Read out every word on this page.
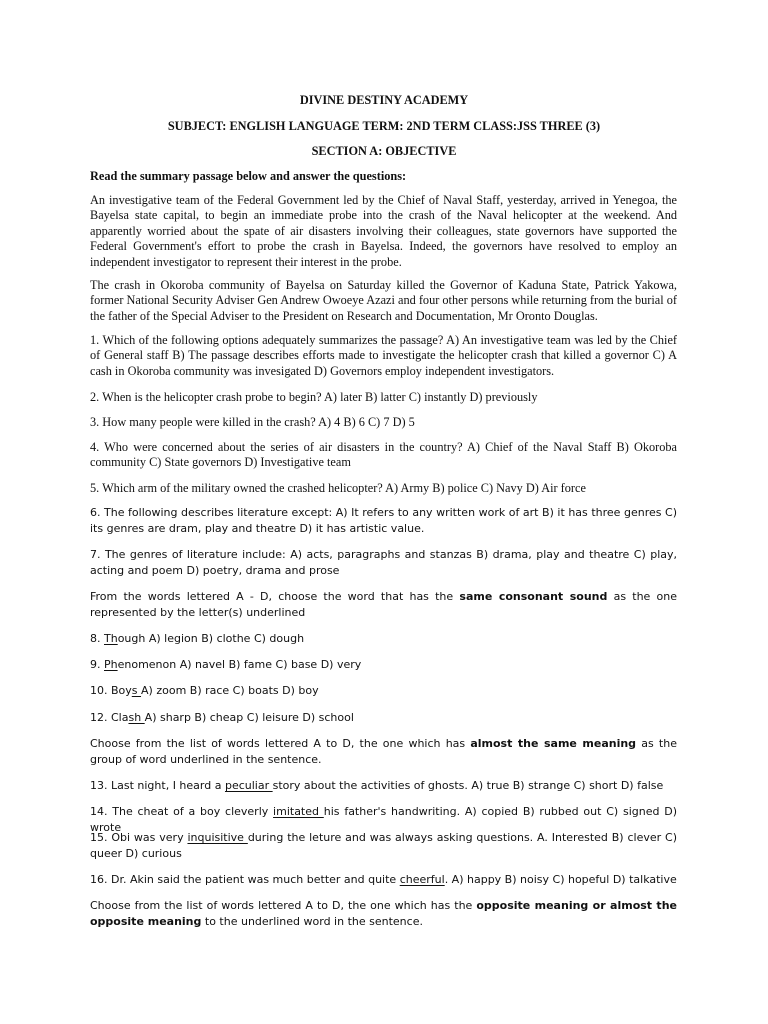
DIVINE DESTINY ACADEMY
SUBJECT: ENGLISH LANGUAGE TERM: 2ND TERM CLASS:JSS THREE (3)
SECTION A: OBJECTIVE

Read the summary passage below and answer the questions:

An investigative team of the Federal Government led by the Chief of Naval Staff, yesterday, arrived in Yenegoa, the Bayelsa state capital, to begin an immediate probe into the crash of the Naval helicopter at the weekend. And apparently worried about the spate of air disasters involving their colleagues, state governors have supported the Federal Government's effort to probe the crash in Bayelsa. Indeed, the governors have resolved to employ an independent investigator to represent their interest in the probe.

The crash in Okoroba community of Bayelsa on Saturday killed the Governor of Kaduna State, Patrick Yakowa, former National Security Adviser Gen Andrew Owoeye Azazi and four other persons while returning from the burial of the father of the Special Adviser to the President on Research and Documentation, Mr Oronto Douglas.

1. Which of the following options adequately summarizes the passage? A) An investigative team was led by the Chief of General staff B) The passage describes efforts made to investigate the helicopter crash that killed a governor C) A cash in Okoroba community was invesigated D) Governors employ independent investigators.

2. When is the helicopter crash probe to begin? A) later B) latter C) instantly D) previously

3. How many people were killed in the crash? A) 4 B) 6 C) 7 D) 5

4. Who were concerned about the series of air disasters in the country? A) Chief of the Naval Staff B) Okoroba community C) State governors D) Investigative team

5. Which arm of the military owned the crashed helicopter? A) Army B) police C) Navy D) Air force

6. The following describes literature except: A) It refers to any written work of art B) it has three genres C) its genres are dram, play and theatre D) it has artistic value.

7. The genres of literature include: A) acts, paragraphs and stanzas B) drama, play and theatre C) play, acting and poem D) poetry, drama and prose

From the words lettered A - D, choose the word that has the same consonant sound as the one represented by the letter(s) underlined

8. Though A) legion B) clothe C) dough

9. Phenomenon A) navel B) fame C) base D) very

10. Boys A) zoom B) race C) boats D) boy

12. Clash A) sharp B) cheap C) leisure D) school

Choose from the list of words lettered A to D, the one which has almost the same meaning as the group of word underlined in the sentence.

13. Last night, I heard a peculiar story about the activities of ghosts. A) true B) strange C) short D) false

14. The cheat of a boy cleverly imitated his father's handwriting. A) copied B) rubbed out C) signed D) wrote

15. Obi was very inquisitive during the leture and was always asking questions. A. Interested B) clever C) queer D) curious

16. Dr. Akin said the patient was much better and quite cheerful. A) happy B) noisy C) hopeful D) talkative

Choose from the list of words lettered A to D, the one which has the opposite meaning or almost the opposite meaning to the underlined word in the sentence.
